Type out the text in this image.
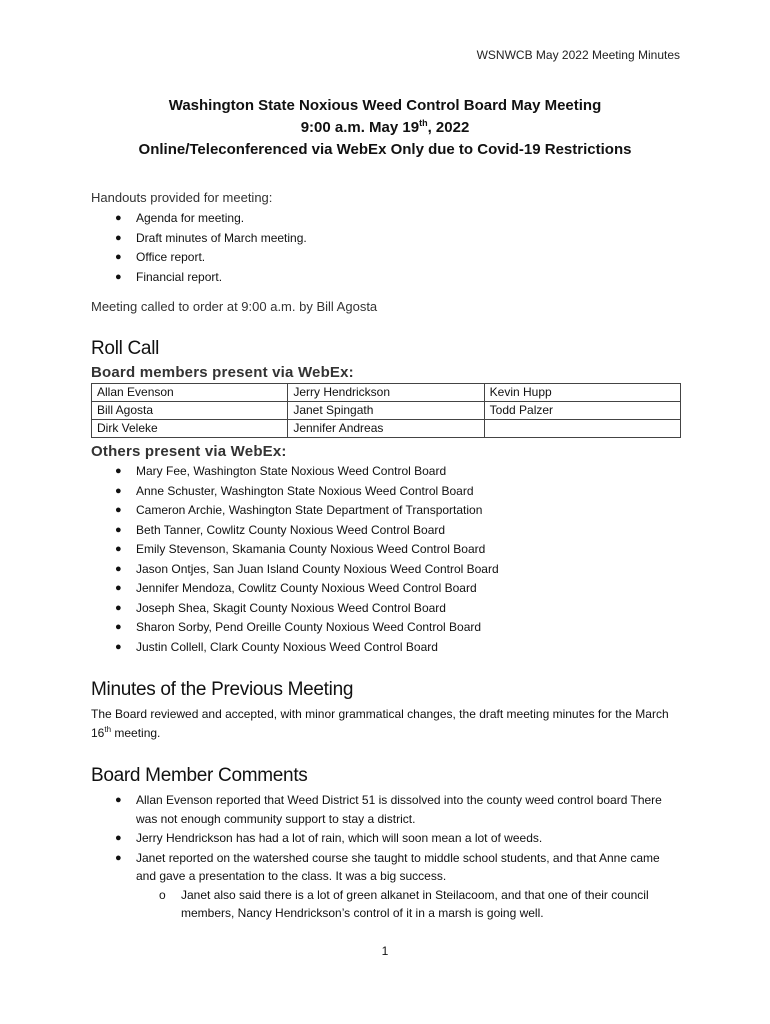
WSNWCB May 2022 Meeting Minutes
Washington State Noxious Weed Control Board May Meeting
9:00 a.m. May 19th, 2022
Online/Teleconferenced via WebEx Only due to Covid-19 Restrictions

Handouts provided for meeting:

● Agenda for meeting.
● Draft minutes of March meeting.
● Office report.
● Financial report.

Meeting called to order at 9:00 a.m. by Bill Agosta

Roll Call
Board members present via WebEx:
Allan Evenson	Jerry Hendrickson	Kevin Hupp
Bill Agosta	Janet Spingath	Todd Palzer
Dirk Veleke	Jennifer Andreas	
Others present via WebEx:
● Mary Fee, Washington State Noxious Weed Control Board
● Anne Schuster, Washington State Noxious Weed Control Board
● Cameron Archie, Washington State Department of Transportation
● Beth Tanner, Cowlitz County Noxious Weed Control Board
● Emily Stevenson, Skamania County Noxious Weed Control Board
● Jason Ontjes, San Juan Island County Noxious Weed Control Board
● Jennifer Mendoza, Cowlitz County Noxious Weed Control Board
● Joseph Shea, Skagit County Noxious Weed Control Board
● Sharon Sorby, Pend Oreille County Noxious Weed Control Board
● Justin Collell, Clark County Noxious Weed Control Board
Minutes of the Previous Meeting

The Board reviewed and accepted, with minor grammatical changes, the draft meeting minutes for the March 16th meeting.

Board Member Comments
● Allan Evenson reported that Weed District 51 is dissolved into the county weed control board There was not enough community support to stay a district.
● Jerry Hendrickson has had a lot of rain, which will soon mean a lot of weeds.
● Janet reported on the watershed course she taught to middle school students, and that Anne came and gave a presentation to the class. It was a big success.
o Janet also said there is a lot of green alkanet in Steilacoom, and that one of their council members, Nancy Hendrickson’s control of it in a marsh is going well.
1
